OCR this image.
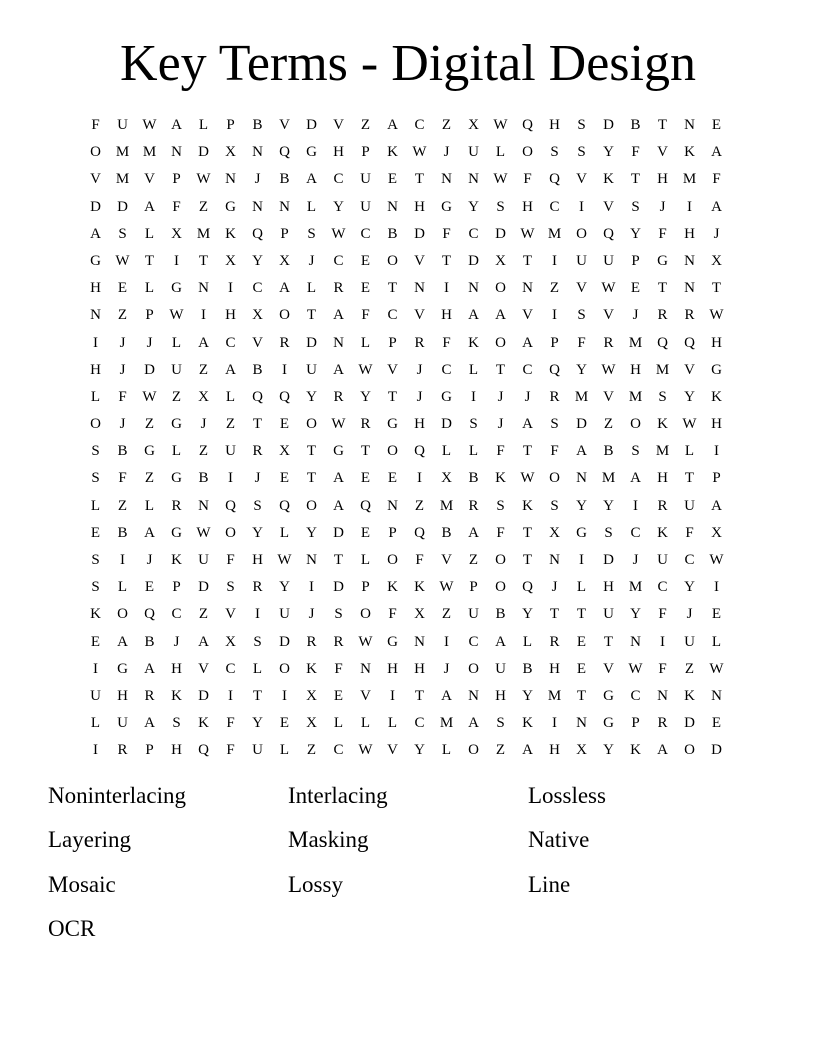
Key Terms - Digital Design
F	U W A	L	P	B	V	D	V	Z	A	C	Z	X W Q	H	S	D	B	T	N	E
O M M N	D	X	N	Q	G	H	P	K W	J	U	L	O	S	S	Y	F	V	K	A
V M V	P	W N	J	B	A	C	U	E	T	N	N W	F	Q	V	K	T	H M	F
D	D	A	F	Z	G	N	N	L	Y	U	N	H	G	Y	S	H	C	I	V	S	J	I	A
A	S	L	X M K	Q	P	S	W C	B	D	F	C	D W M O	Q	Y	F	H	J
G W	T	I	T	X	Y	X	J	C	E	O	V	T	D	X	T	I	U	U	P	G	N	X
H	E	L	G	N	I	C	A	L	R	E	T	N	I	N	O	N	Z	V W	E	T	N	T
N	Z	P	W	I	H	X	O	T	A	F	C	V	H	A	A	V	I	S	V	J	R	R W
I	J	J	L	A	C	V	R	D	N	L	P	R	F	K	O	A	P	F	R	M Q	Q	H
H	J	D	U	Z	A	B	I	U	A W V	J	C	L	T	C	Q	Y W H M V	G
L	F	W	Z	X	L	Q	Q	Y	R	Y	T	J	G	I	J	J	R	M V M	S	Y	K
O	J	Z	G	J	Z	T	E	O W R	G	H	D	S	J	A	S	D	Z	O	K W H
S	B	G	L	Z	U	R	X	T	G	T	O	Q	L	L	F	T	F	A	B	S	M	L	I
S	F	Z	G	B	I	J	E	T	A	E	E	I	X	B	K W O	N M A	H	T	P
L	Z	L	R	N	Q	S	Q	O	A	Q	N	Z	M	R	S	K	S	Y	Y	I	R	U	A
E	B	A	G W O	Y	L	Y	D	E	P	Q	B	A	F	T	X	G	S	C	K	F	X
S	I	J	K	U	F	H W N	T	L	O	F	V	Z	O	T	N	I	D	J	U	C W
S	L	E	P	D	S	R	Y	I	D	P	K	K W	P	O	Q	J	L	H M	C	Y	I
K	O	Q	C	Z	V	I	U	J	S	O	F	X	Z	U	B	Y	T	T	U	Y	F	J	E
E	A	B	J	A	X	S	D	R	R W G	N	I	C	A	L	R	E	T	N	I	U	L
I	G	A	H	V	C	L	O	K	F	N	H	H	J	O	U	B	H	E	V W	F	Z	W
U	H	R	K	D	I	T	I	X	E	V	I	T	A	N	H	Y M	T	G	C	N	K	N
L	U	A	S	K	F	Y	E	X	L	L	L	C	M A	S	K	I	N	G	P	R	D	E
I	R	P	H	Q	F	U	L	Z	C W V	Y	L	O	Z	A	H	X	Y	K	A	O	D
Noninterlacing	Interlacing	Lossless
Layering	Masking	Native
Mosaic	Lossy	Line
OCR
